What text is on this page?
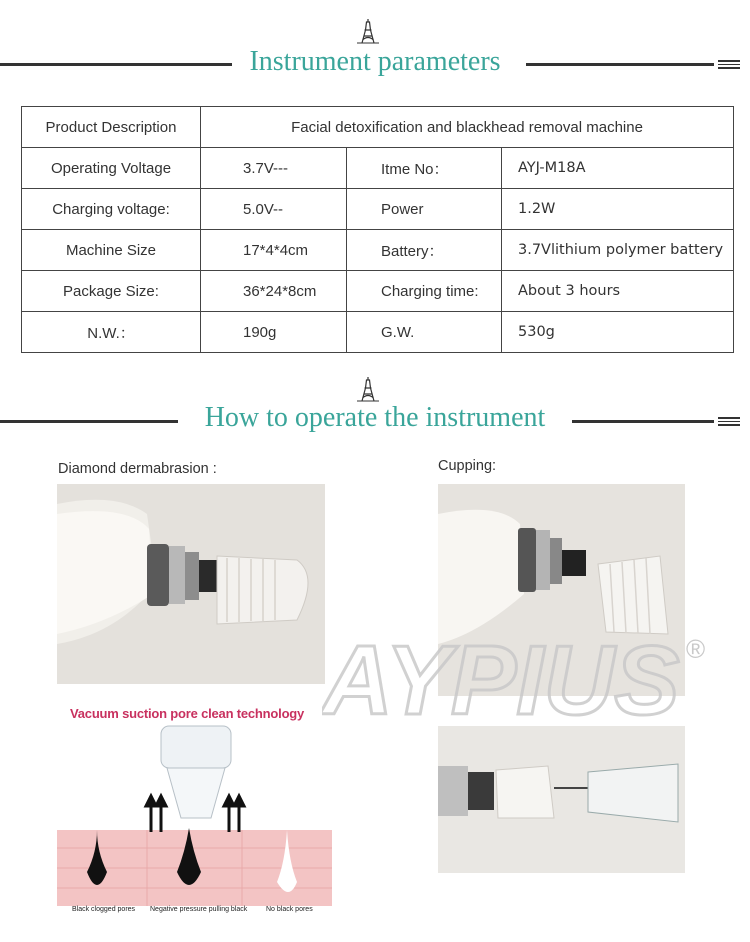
Instrument parameters
Product Description	Facial detoxification and blackhead removal machine		
Operating Voltage	3.7V---	Itme No：	AYJ-M18A
Charging voltage:	5.0V--	Power	1.2W
Machine Size	17*4*4cm	Battery：	3.7Vlithium polymer battery
Package Size:	36*24*8cm	Charging time:	About 3 hours
N.W.：	190g	G.W.	530g
How to operate the instrument
Diamond dermabrasion :	Cupping:
Vacuum suction pore clean technology
Black clogged pores Negative pressure pulling black	No black pores
AYPIUS ®
